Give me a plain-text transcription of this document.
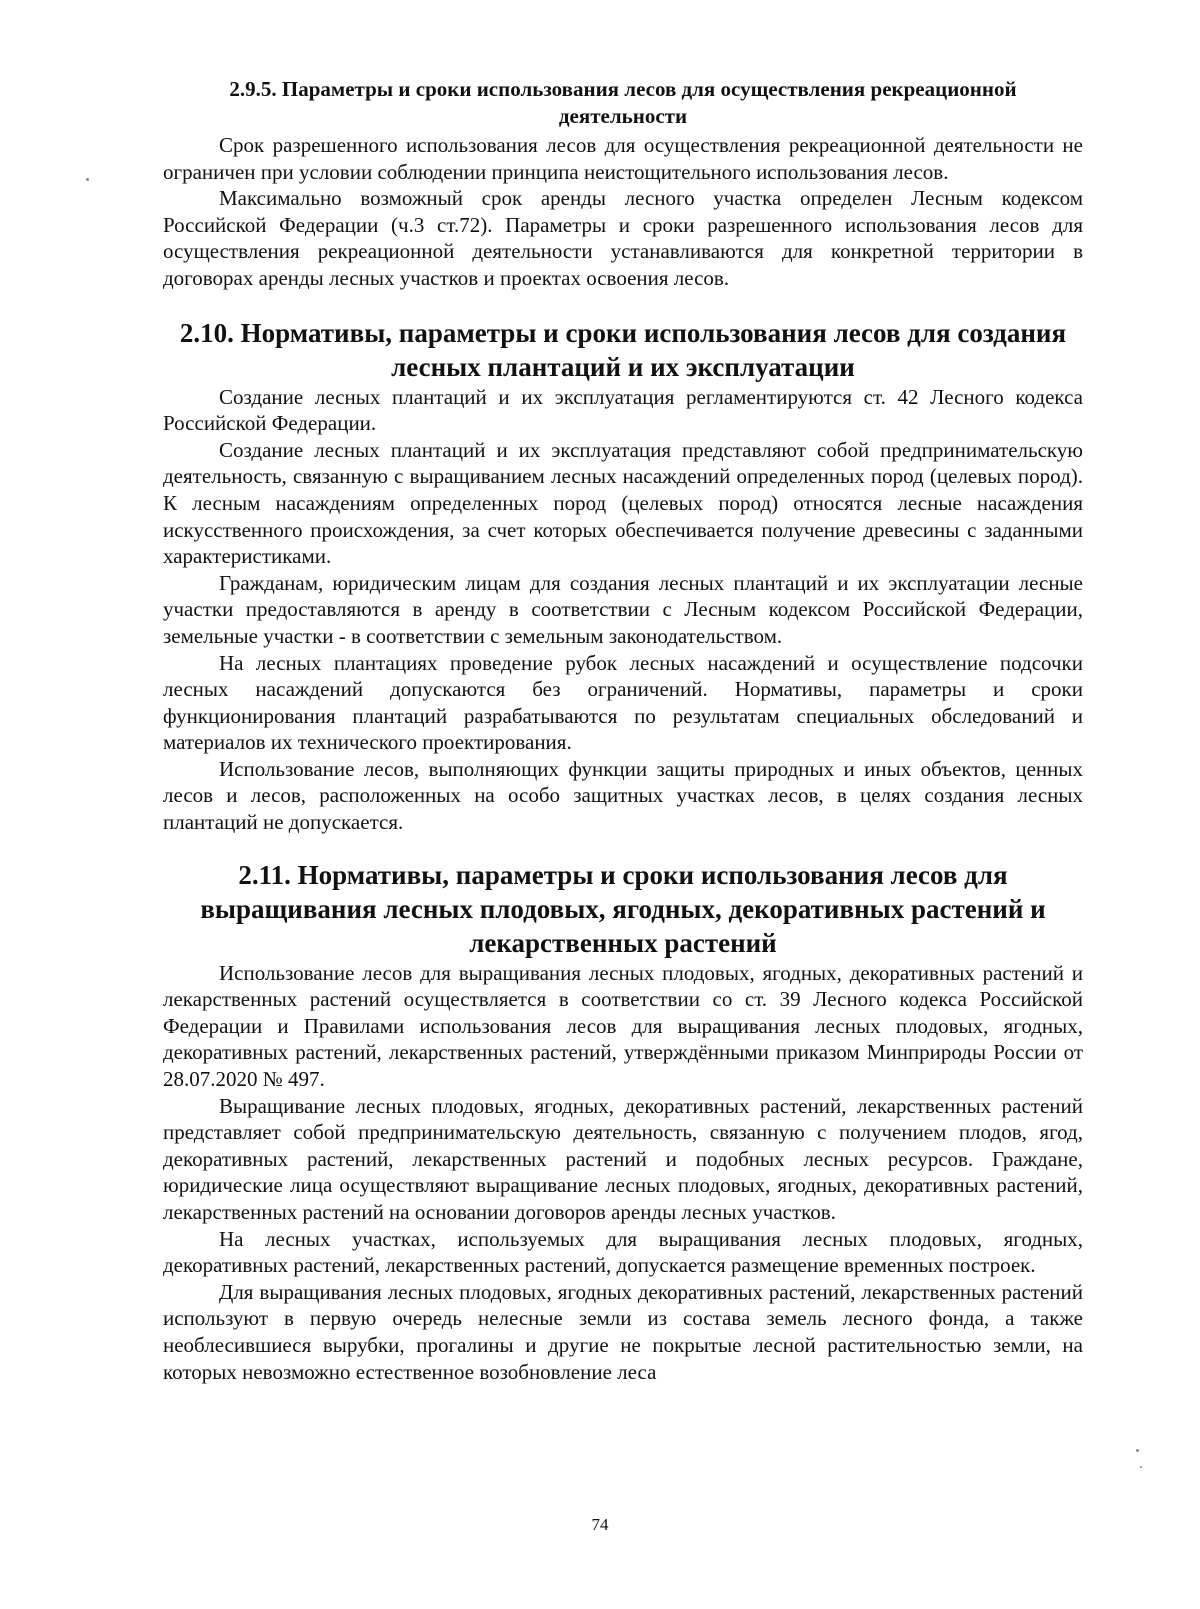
2.9.5. Параметры и сроки использования лесов для осуществления рекреационной
деятельности

Срок разрешенного использования лесов для осуществления рекреационной деятельности не ограничен при условии соблюдении принципа неистощительного использования лесов.

Максимально возможный срок аренды лесного участка определен Лесным кодексом Российской Федерации (ч.3 ст.72). Параметры и сроки разрешенного использования лесов для осуществления рекреационной деятельности устанавливаются для конкретной территории в договорах аренды лесных участков и проектах освоения лесов.

2.10. Нормативы, параметры и сроки использования лесов для создания
лесных плантаций и их эксплуатации

Создание лесных плантаций и их эксплуатация регламентируются ст. 42 Лесного кодекса Российской Федерации.

Создание лесных плантаций и их эксплуатация представляют собой предпринимательскую деятельность, связанную с выращиванием лесных насаждений определенных пород (целевых пород). К лесным насаждениям определенных пород (целевых пород) относятся лесные насаждения искусственного происхождения, за счет которых обеспечивается получение древесины с заданными характеристиками.

Гражданам, юридическим лицам для создания лесных плантаций и их эксплуатации лесные участки предоставляются в аренду в соответствии с Лесным кодексом Российской Федерации, земельные участки - в соответствии с земельным законодательством.

На лесных плантациях проведение рубок лесных насаждений и осуществление подсочки лесных насаждений допускаются без ограничений. Нормативы, параметры и сроки функционирования плантаций разрабатываются по результатам специальных обследований и материалов их технического проектирования.

Использование лесов, выполняющих функции защиты природных и иных объектов, ценных лесов и лесов, расположенных на особо защитных участках лесов, в целях создания лесных плантаций не допускается.

2.11. Нормативы, параметры и сроки использования лесов для
выращивания лесных плодовых, ягодных, декоративных растений и
лекарственных растений

Использование лесов для выращивания лесных плодовых, ягодных, декоративных растений и лекарственных растений осуществляется в соответствии со ст. 39 Лесного кодекса Российской Федерации и Правилами использования лесов для выращивания лесных плодовых, ягодных, декоративных растений, лекарственных растений, утверждёнными приказом Минприроды России от 28.07.2020 № 497.

Выращивание лесных плодовых, ягодных, декоративных растений, лекарственных растений представляет собой предпринимательскую деятельность, связанную с получением плодов, ягод, декоративных растений, лекарственных растений и подобных лесных ресурсов. Граждане, юридические лица осуществляют выращивание лесных плодовых, ягодных, декоративных растений, лекарственных растений на основании договоров аренды лесных участков.

На лесных участках, используемых для выращивания лесных плодовых, ягодных, декоративных растений, лекарственных растений, допускается размещение временных построек.

Для выращивания лесных плодовых, ягодных декоративных растений, лекарственных растений используют в первую очередь нелесные земли из состава земель лесного фонда, а также необлесившиеся вырубки, прогалины и другие не покрытые лесной растительностью земли, на которых невозможно естественное возобновление леса

74
